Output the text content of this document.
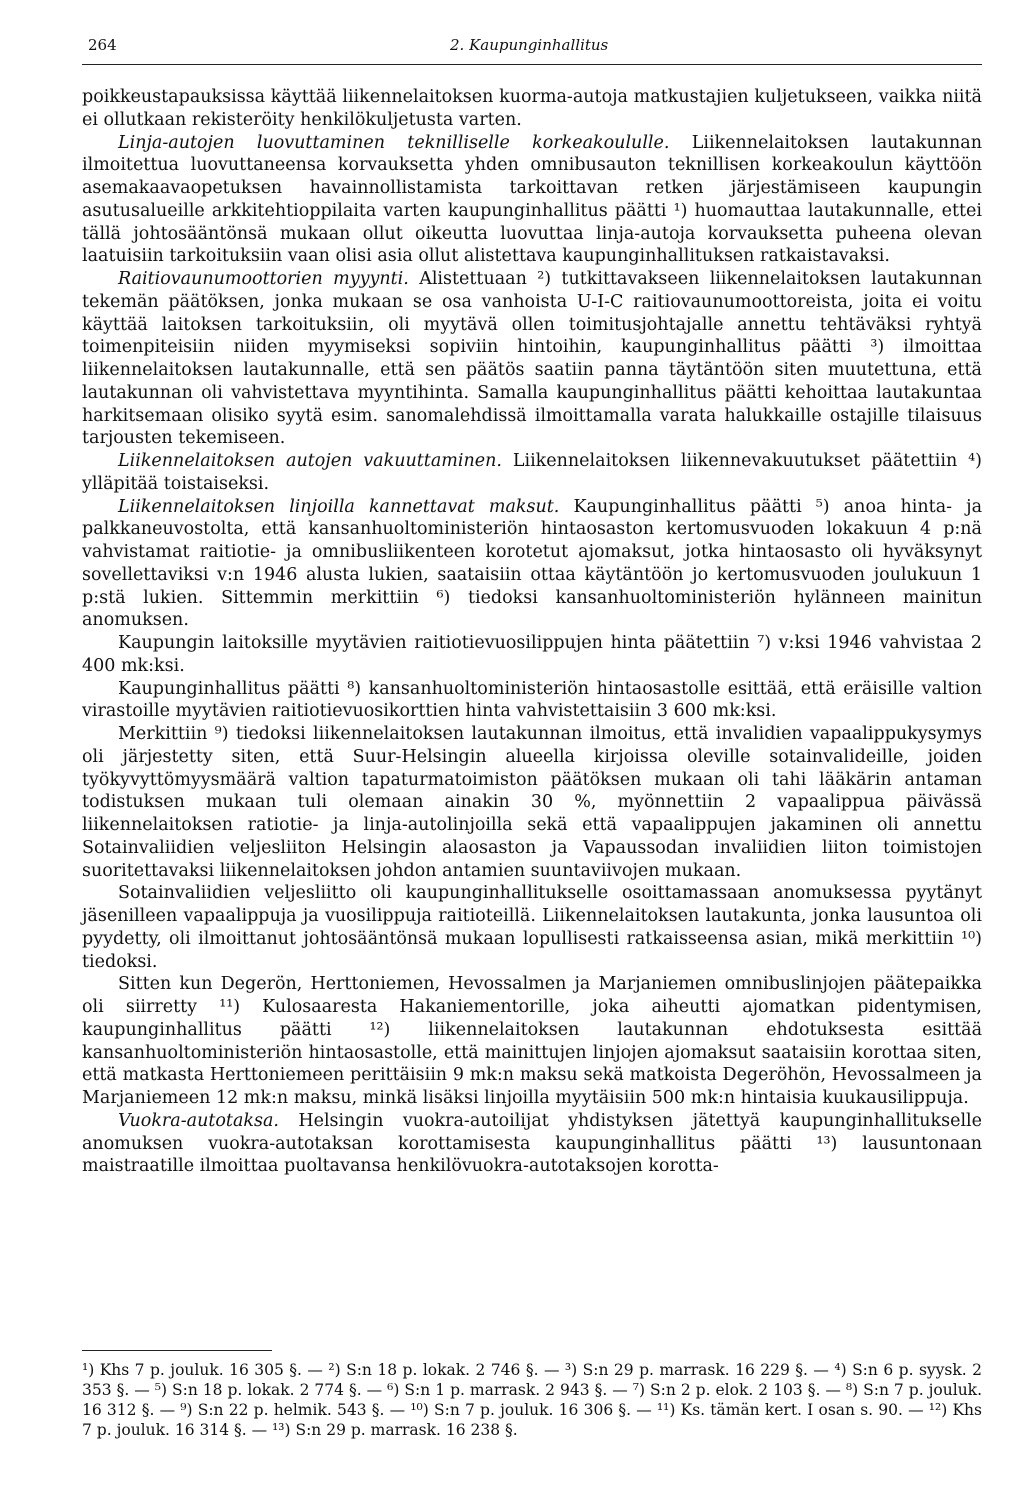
264	2. Kaupunginhallitus

poikkeustapauksissa käyttää liikennelaitoksen kuorma-autoja matkustajien kuljetukseen, vaikka niitä ei ollutkaan rekisteröity henkilökuljetusta varten.

Linja-autojen luovuttaminen teknilliselle korkeakoululle. Liikennelaitoksen lautakunnan ilmoitettua luovuttaneensa korvauksetta yhden omnibusauton teknillisen korkeakoulun käyttöön asemakaavaopetuksen havainnollistamista tarkoittavan retken järjestämiseen kaupungin asutusalueille arkkitehtioppilaita varten kaupunginhallitus päätti ¹) huomauttaa lautakunnalle, ettei tällä johtosääntönsä mukaan ollut oikeutta luovuttaa linja-autoja korvauksetta puheena olevan laatuisiin tarkoituksiin vaan olisi asia ollut alistettava kaupunginhallituksen ratkaistavaksi.

Raitiovaunumoottorien myyynti. Alistettuaan ²) tutkittavakseen liikennelaitoksen lautakunnan tekemän päätöksen, jonka mukaan se osa vanhoista U-I-C raitiovaunumoottoreista, joita ei voitu käyttää laitoksen tarkoituksiin, oli myytävä ollen toimitusjohtajalle annettu tehtäväksi ryhtyä toimenpiteisiin niiden myymiseksi sopiviin hintoihin, kaupunginhallitus päätti ³) ilmoittaa liikennelaitoksen lautakunnalle, että sen päätös saatiin panna täytäntöön siten muutettuna, että lautakunnan oli vahvistettava myyntihinta. Samalla kaupunginhallitus päätti kehoittaa lautakuntaa harkitsemaan olisiko syytä esim. sanomalehdissä ilmoittamalla varata halukkaille ostajille tilaisuus tarjousten tekemiseen.

Liikennelaitoksen autojen vakuuttaminen. Liikennelaitoksen liikennevakuutukset päätettiin ⁴) ylläpitää toistaiseksi.

Liikennelaitoksen linjoilla kannettavat maksut. Kaupunginhallitus päätti ⁵) anoa hinta- ja palkkaneuvostolta, että kansanhuoltoministeriön hintaosaston kertomusvuoden lokakuun 4 p:nä vahvistamat raitiotie- ja omnibusliikenteen korotetut ajomaksut, jotka hintaosasto oli hyväksynyt sovellettaviksi v:n 1946 alusta lukien, saataisiin ottaa käytäntöön jo kertomusvuoden joulukuun 1 p:stä lukien. Sittemmin merkittiin ⁶) tiedoksi kansanhuoltoministeriön hylänneen mainitun anomuksen.

Kaupungin laitoksille myytävien raitiotievuosilippujen hinta päätettiin ⁷) v:ksi 1946 vahvistaa 2 400 mk:ksi.

Kaupunginhallitus päätti ⁸) kansanhuoltoministeriön hintaosastolle esittää, että eräisille valtion virastoille myytävien raitiotievuosikorttien hinta vahvistettaisiin 3 600 mk:ksi.

Merkittiin ⁹) tiedoksi liikennelaitoksen lautakunnan ilmoitus, että invalidien vapaalippukysymys oli järjestetty siten, että Suur-Helsingin alueella kirjoissa oleville sotainvalideille, joiden työkyvyttömyysmäärä valtion tapaturmatoimiston päätöksen mukaan oli tahi lääkärin antaman todistuksen mukaan tuli olemaan ainakin 30 %, myönnettiin 2 vapaalippua päivässä liikennelaitoksen ratiotie- ja linja-autolinjoilla sekä että vapaalippujen jakaminen oli annettu Sotainvaliidien veljesliiton Helsingin alaosaston ja Vapaussodan invaliidien liiton toimistojen suoritettavaksi liikennelaitoksen johdon antamien suuntaviivojen mukaan.

Sotainvaliidien veljesliitto oli kaupunginhallitukselle osoittamassaan anomuksessa pyytänyt jäsenilleen vapaalippuja ja vuosilippuja raitioteillä. Liikennelaitoksen lautakunta, jonka lausuntoa oli pyydetty, oli ilmoittanut johtosääntönsä mukaan lopullisesti ratkaisseensa asian, mikä merkittiin ¹⁰) tiedoksi.

Sitten kun Degerön, Herttoniemen, Hevossalmen ja Marjaniemen omnibuslinjojen päätepaikka oli siirretty ¹¹) Kulosaaresta Hakaniementorille, joka aiheutti ajomatkan pidentymisen, kaupunginhallitus päätti ¹²) liikennelaitoksen lautakunnan ehdotuksesta esittää kansanhuoltoministeriön hintaosastolle, että mainittujen linjojen ajomaksut saataisiin korottaa siten, että matkasta Herttoniemeen perittäisiin 9 mk:n maksu sekä matkoista Degeröhön, Hevossalmeen ja Marjaniemeen 12 mk:n maksu, minkä lisäksi linjoilla myytäisiin 500 mk:n hintaisia kuukausilippuja.

Vuokra-autotaksa. Helsingin vuokra-autoilijat yhdistyksen jätettyä kaupunginhallitukselle anomuksen vuokra-autotaksan korottamisesta kaupunginhallitus päätti ¹³) lausuntonaan maistraatille ilmoittaa puoltavansa henkilövuokra-autotaksojen korotta-

¹) Khs 7 p. jouluk. 16 305 §. — ²) S:n 18 p. lokak. 2 746 §. — ³) S:n 29 p. marrask. 16 229 §. — ⁴) S:n 6 p. syysk. 2 353 §. — ⁵) S:n 18 p. lokak. 2 774 §. — ⁶) S:n 1 p. marrask. 2 943 §. — ⁷) S:n 2 p. elok. 2 103 §. — ⁸) S:n 7 p. jouluk. 16 312 §. — ⁹) S:n 22 p. helmik. 543 §. — ¹⁰) S:n 7 p. jouluk. 16 306 §. — ¹¹) Ks. tämän kert. I osan s. 90. — ¹²) Khs 7 p. jouluk. 16 314 §. — ¹³) S:n 29 p. marrask. 16 238 §.
